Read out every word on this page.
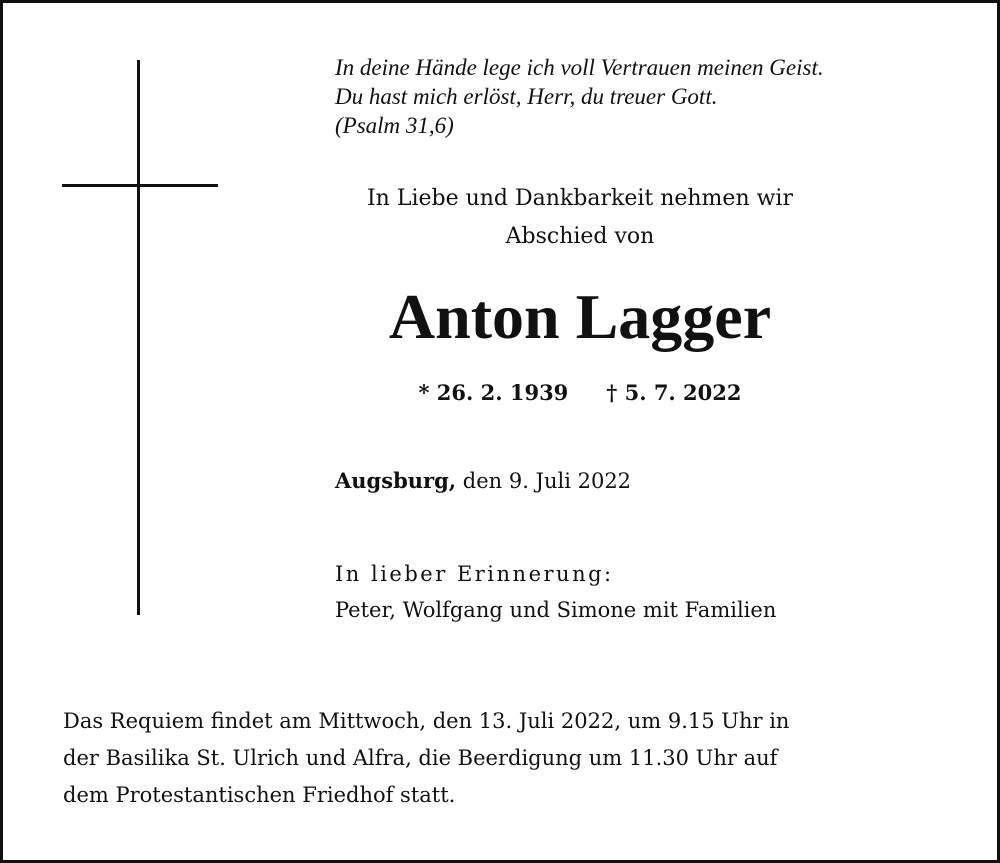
In deine Hände lege ich voll Vertrauen meinen Geist.
Du hast mich erlöst, Herr, du treuer Gott.
(Psalm 31,6)
In Liebe und Dankbarkeit nehmen wir
Abschied von
Anton Lagger
* 26. 2. 1939 † 5. 7. 2022
Augsburg, den 9. Juli 2022
In lieber Erinnerung:
Peter, Wolfgang und Simone mit Familien
Das Requiem findet am Mittwoch, den 13. Juli 2022, um 9.15 Uhr in
der Basilika St. Ulrich und Alfra, die Beerdigung um 11.30 Uhr auf
dem Protestantischen Friedhof statt.
